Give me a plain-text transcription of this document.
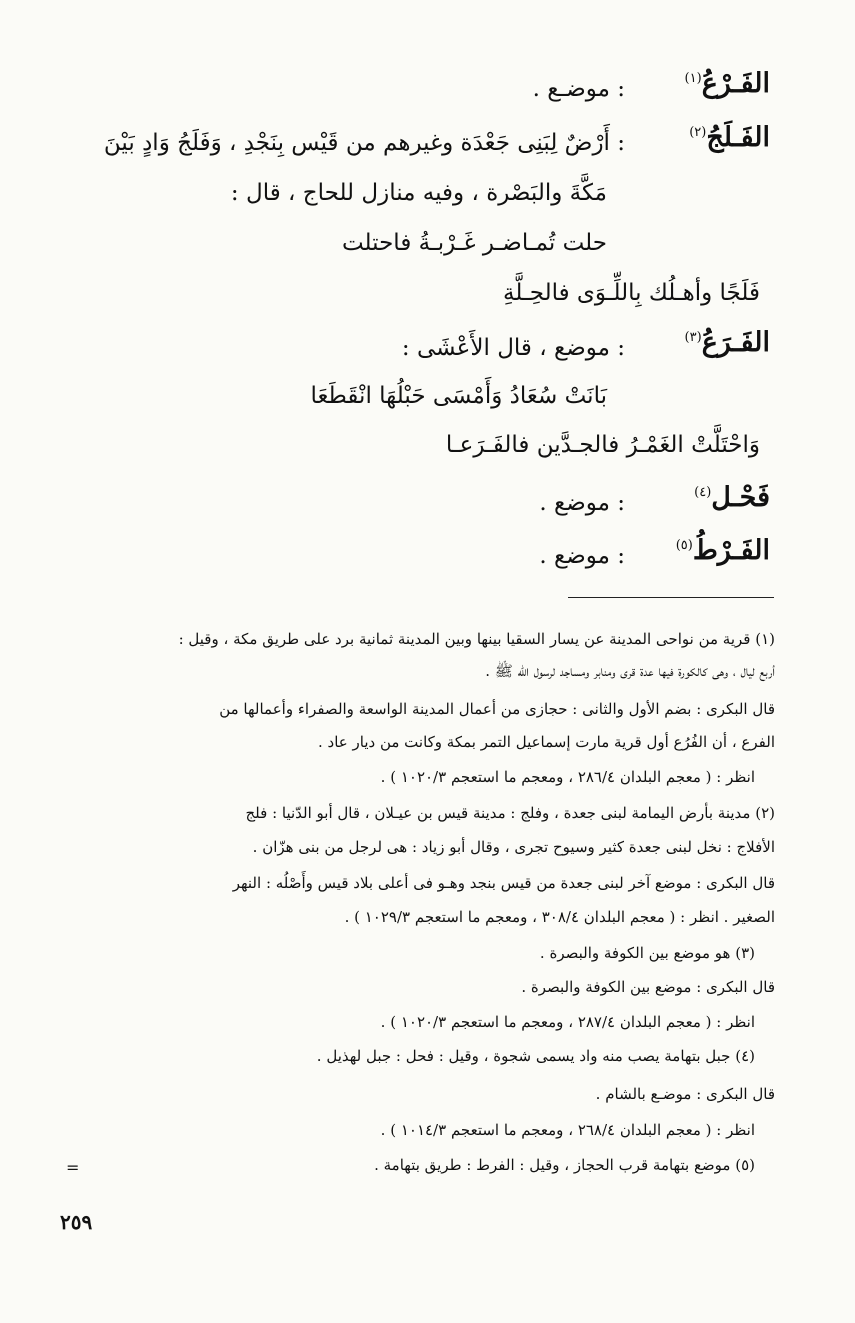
الفَـرْعُ$^{(١)}$
: موضـع .
الفَـلَجُ$^{(٢)}$
: أَرْضٌ لِبَنِى جَعْدَة وغيرهم من قَيْس بِنَجْدِ ، وَفَلَجُ وَادٍ بَيْنَ
مَكَّةَ والبَصْرة ، وفيه منازل للحاج ، قال :
حلت تُمـاضـر غَـرْبـةُ فاحتلت
فَلَجًا وأهـلُك بِاللِّـوَى فالحِـلَّةِ
الفَـرَعُ$^{(٣)}$
: موضع ، قال الأَعْشَى :
بَانَتْ سُعَادُ وَأَمْسَى حَبْلُهَا انْقَطَعَا
وَاحْتَلَّتْ الغَمْـرُ فالجـدَّين فالفَـرَعـا
فَحْـل$^{(٤)}$
: موضع .
الفَـرْطُ$^{(٥)}$
: موضع .
(١) قرية من نواحى المدينة عن يسار السقيا بينها وبين المدينة ثمانية برد على طريق مكة ، وقيل :
أربع ليال ، وهى كالكورة فيها عدة قرى ومنابر ومساجد لرسول الله ﷺ .
قال البكرى : بضم الأول والثانى : حجازى من أعمال المدينة الواسعة والصفراء وأعمالها من
الفرع ، أن الفُرُع أول قرية مارت إسماعيل التمر بمكة وكانت من ديار عاد .
انظر : ( معجم البلدان ٢٨٦/٤ ، ومعجم ما استعجم ١٠٢٠/٣ ) .
(٢) مدينة بأرض اليمامة لبنى جعدة ، وفلج : مدينة قيس بن عيـلان ، قال أبو الدّنيا : فلج
الأفلاج : نخل لبنى جعدة كثير وسيوح تجرى ، وقال أبو زياد : هى لرجل من بنى هزّان .
قال البكرى : موضع آخر لبنى جعدة من قيس بنجد وهـو فى أعلى بلاد قيس وأَصْلُه : النهر
الصغير . انظر : ( معجم البلدان ٣٠٨/٤ ، ومعجم ما استعجم ١٠٢٩/٣ ) .
(٣) هو موضع بين الكوفة والبصرة .
قال البكرى : موضع بين الكوفة والبصرة .
انظر : ( معجم البلدان ٢٨٧/٤ ، ومعجم ما استعجم ١٠٢٠/٣ ) .
(٤) جبل بتهامة يصب منه واد يسمى شجوة ، وقيل : فحل : جبل لهذيل .
قال البكرى : موضـع بالشام .
انظر : ( معجم البلدان ٢٦٨/٤ ، ومعجم ما استعجم ١٠١٤/٣ ) .
(٥) موضع بتهامة قرب الحجاز ، وقيل : الفرط : طريق بتهامة .
=
٢٥٩
